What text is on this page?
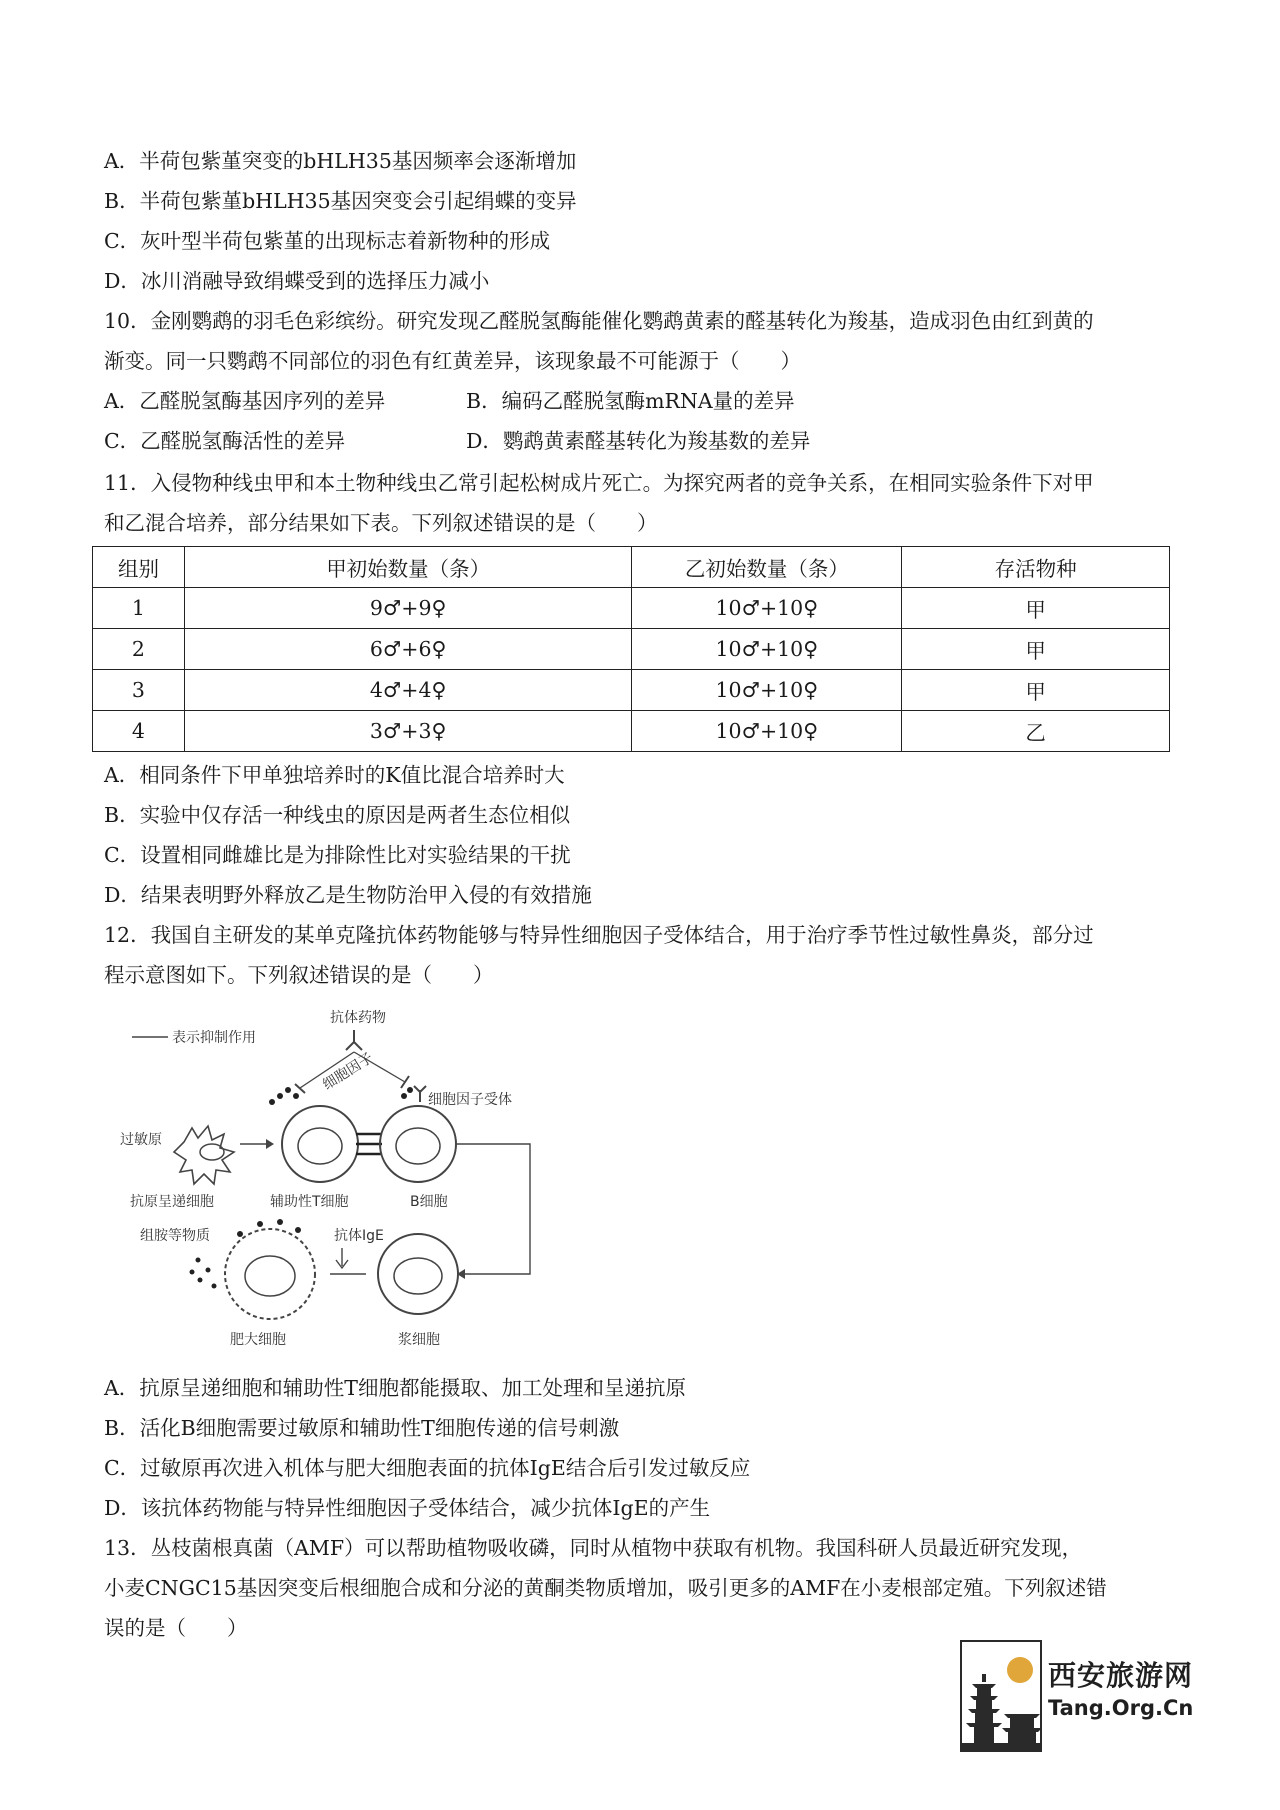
A．半荷包紫堇突变的bHLH35基因频率会逐渐增加
B．半荷包紫堇bHLH35基因突变会引起绢蝶的变异
C．灰叶型半荷包紫堇的出现标志着新物种的形成
D．冰川消融导致绢蝶受到的选择压力减小
10．金刚鹦鹉的羽毛色彩缤纷。研究发现乙醛脱氢酶能催化鹦鹉黄素的醛基转化为羧基，造成羽色由红到黄的
渐变。同一只鹦鹉不同部位的羽色有红黄差异，该现象最不可能源于（　　）
A．乙醛脱氢酶基因序列的差异	B．编码乙醛脱氢酶mRNA量的差异
C．乙醛脱氢酶活性的差异	D．鹦鹉黄素醛基转化为羧基数的差异
11．入侵物种线虫甲和本土物种线虫乙常引起松树成片死亡。为探究两者的竞争关系，在相同实验条件下对甲
和乙混合培养，部分结果如下表。下列叙述错误的是（　　）
组别	甲初始数量（条）	乙初始数量（条）	存活物种
1	9♂+9♀	10♂+10♀	甲
2	6♂+6♀	10♂+10♀	甲
3	4♂+4♀	10♂+10♀	甲
4	3♂+3♀	10♂+10♀	乙
A．相同条件下甲单独培养时的K值比混合培养时大
B．实验中仅存活一种线虫的原因是两者生态位相似
C．设置相同雌雄比是为排除性比对实验结果的干扰
D．结果表明野外释放乙是生物防治甲入侵的有效措施
12．我国自主研发的某单克隆抗体药物能够与特异性细胞因子受体结合，用于治疗季节性过敏性鼻炎，部分过
程示意图如下。下列叙述错误的是（　　）
表示抑制作用
抗体药物
细胞因子
细胞因子受体
过敏原
抗原呈递细胞	辅助性T细胞	B细胞
组胺等物质	抗体IgE
肥大细胞	浆细胞
A．抗原呈递细胞和辅助性T细胞都能摄取、加工处理和呈递抗原
B．活化B细胞需要过敏原和辅助性T细胞传递的信号刺激
C．过敏原再次进入机体与肥大细胞表面的抗体IgE结合后引发过敏反应
D．该抗体药物能与特异性细胞因子受体结合，减少抗体IgE的产生
13．丛枝菌根真菌（AMF）可以帮助植物吸收磷，同时从植物中获取有机物。我国科研人员最近研究发现，
小麦CNGC15基因突变后根细胞合成和分泌的黄酮类物质增加，吸引更多的AMF在小麦根部定殖。下列叙述错
误的是（　　）
西安旅游网
Tang.Org.Cn
